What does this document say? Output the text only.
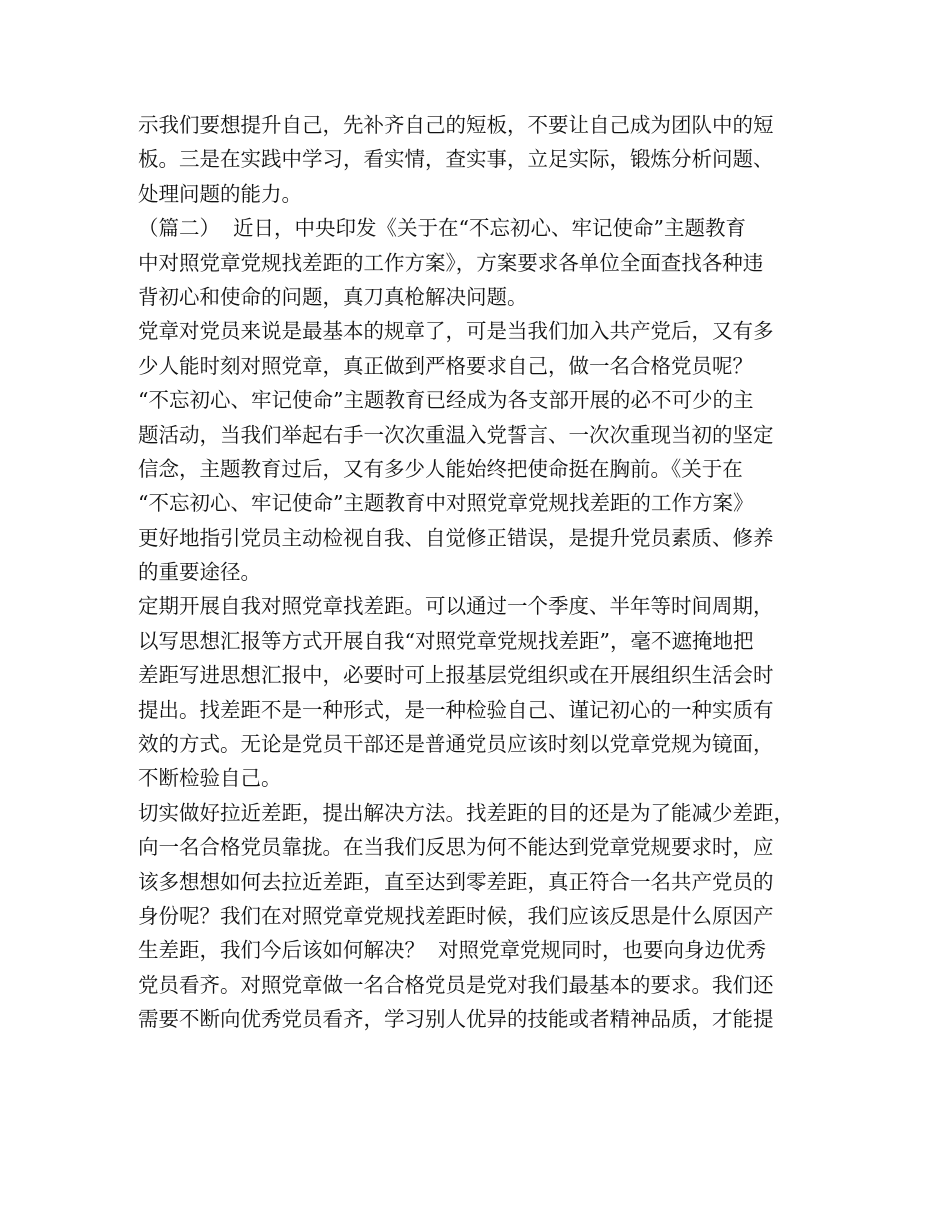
示我们要想提升自己，先补齐自己的短板，不要让自己成为团队中的短
板。三是在实践中学习，看实情，查实事，立足实际，锻炼分析问题、
处理问题的能力。
（篇二）  近日，中央印发《关于在“不忘初心、牢记使命”主题教育
中对照党章党规找差距的工作方案》，方案要求各单位全面查找各种违
背初心和使命的问题，真刀真枪解决问题。
党章对党员来说是最基本的规章了，可是当我们加入共产党后，又有多
少人能时刻对照党章，真正做到严格要求自己，做一名合格党员呢？
“不忘初心、牢记使命”主题教育已经成为各支部开展的必不可少的主
题活动，当我们举起右手一次次重温入党誓言、一次次重现当初的坚定
信念，主题教育过后，又有多少人能始终把使命挺在胸前。《关于在
“不忘初心、牢记使命”主题教育中对照党章党规找差距的工作方案》
更好地指引党员主动检视自我、自觉修正错误，是提升党员素质、修养
的重要途径。
定期开展自我对照党章找差距。可以通过一个季度、半年等时间周期，
以写思想汇报等方式开展自我“对照党章党规找差距”，毫不遮掩地把
差距写进思想汇报中，必要时可上报基层党组织或在开展组织生活会时
提出。找差距不是一种形式，是一种检验自己、谨记初心的一种实质有
效的方式。无论是党员干部还是普通党员应该时刻以党章党规为镜面，
不断检验自己。
切实做好拉近差距，提出解决方法。找差距的目的还是为了能减少差距，
向一名合格党员靠拢。在当我们反思为何不能达到党章党规要求时，应
该多想想如何去拉近差距，直至达到零差距，真正符合一名共产党员的
身份呢？我们在对照党章党规找差距时候，我们应该反思是什么原因产
生差距，我们今后该如何解决？  对照党章党规同时，也要向身边优秀
党员看齐。对照党章做一名合格党员是党对我们最基本的要求。我们还
需要不断向优秀党员看齐，学习别人优异的技能或者精神品质，才能提
